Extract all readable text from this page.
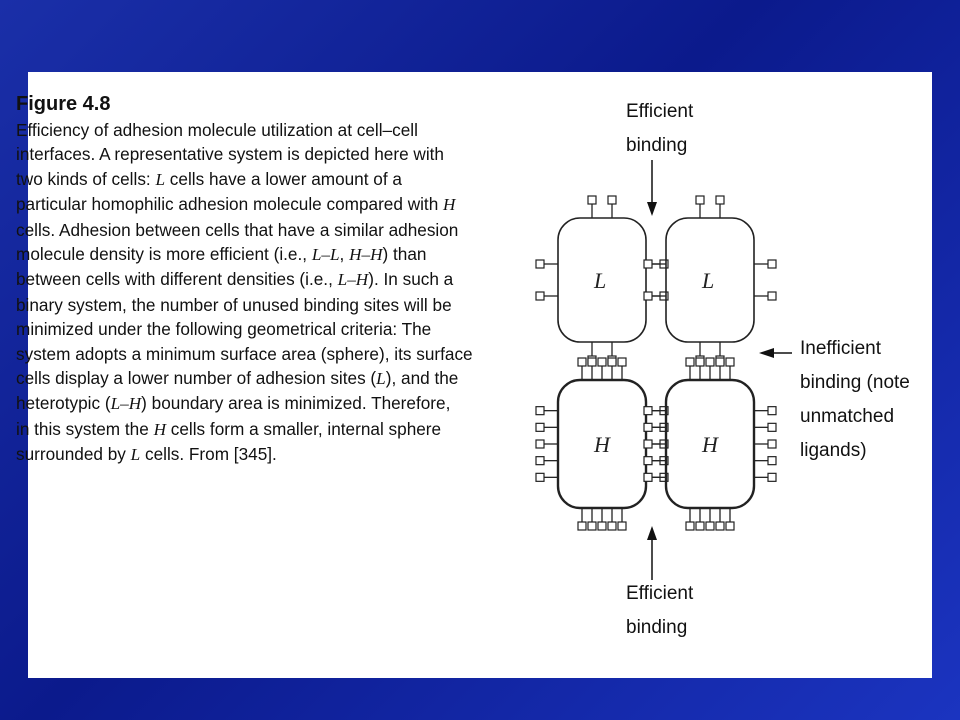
Figure 4.8
Efficiency of adhesion molecule utilization at cell–cell
interfaces. A representative system is depicted here with
two kinds of cells: L cells have a lower amount of a
particular homophilic adhesion molecule compared with H
cells. Adhesion between cells that have a similar adhesion
molecule density is more efficient (i.e., L–L, H–H) than
between cells with different densities (i.e., L–H). In such a
binary system, the number of unused binding sites will be
minimized under the following geometrical criteria: The
system adopts a minimum surface area (sphere), its surface
cells display a lower number of adhesion sites (L), and the
heterotypic (L–H) boundary area is minimized. Therefore,
in this system the H cells form a smaller, internal sphere
surrounded by L cells. From [345].
L	L
H	H
Efficient binding
Inefficient binding (note unmatched ligands)
Efficient binding
